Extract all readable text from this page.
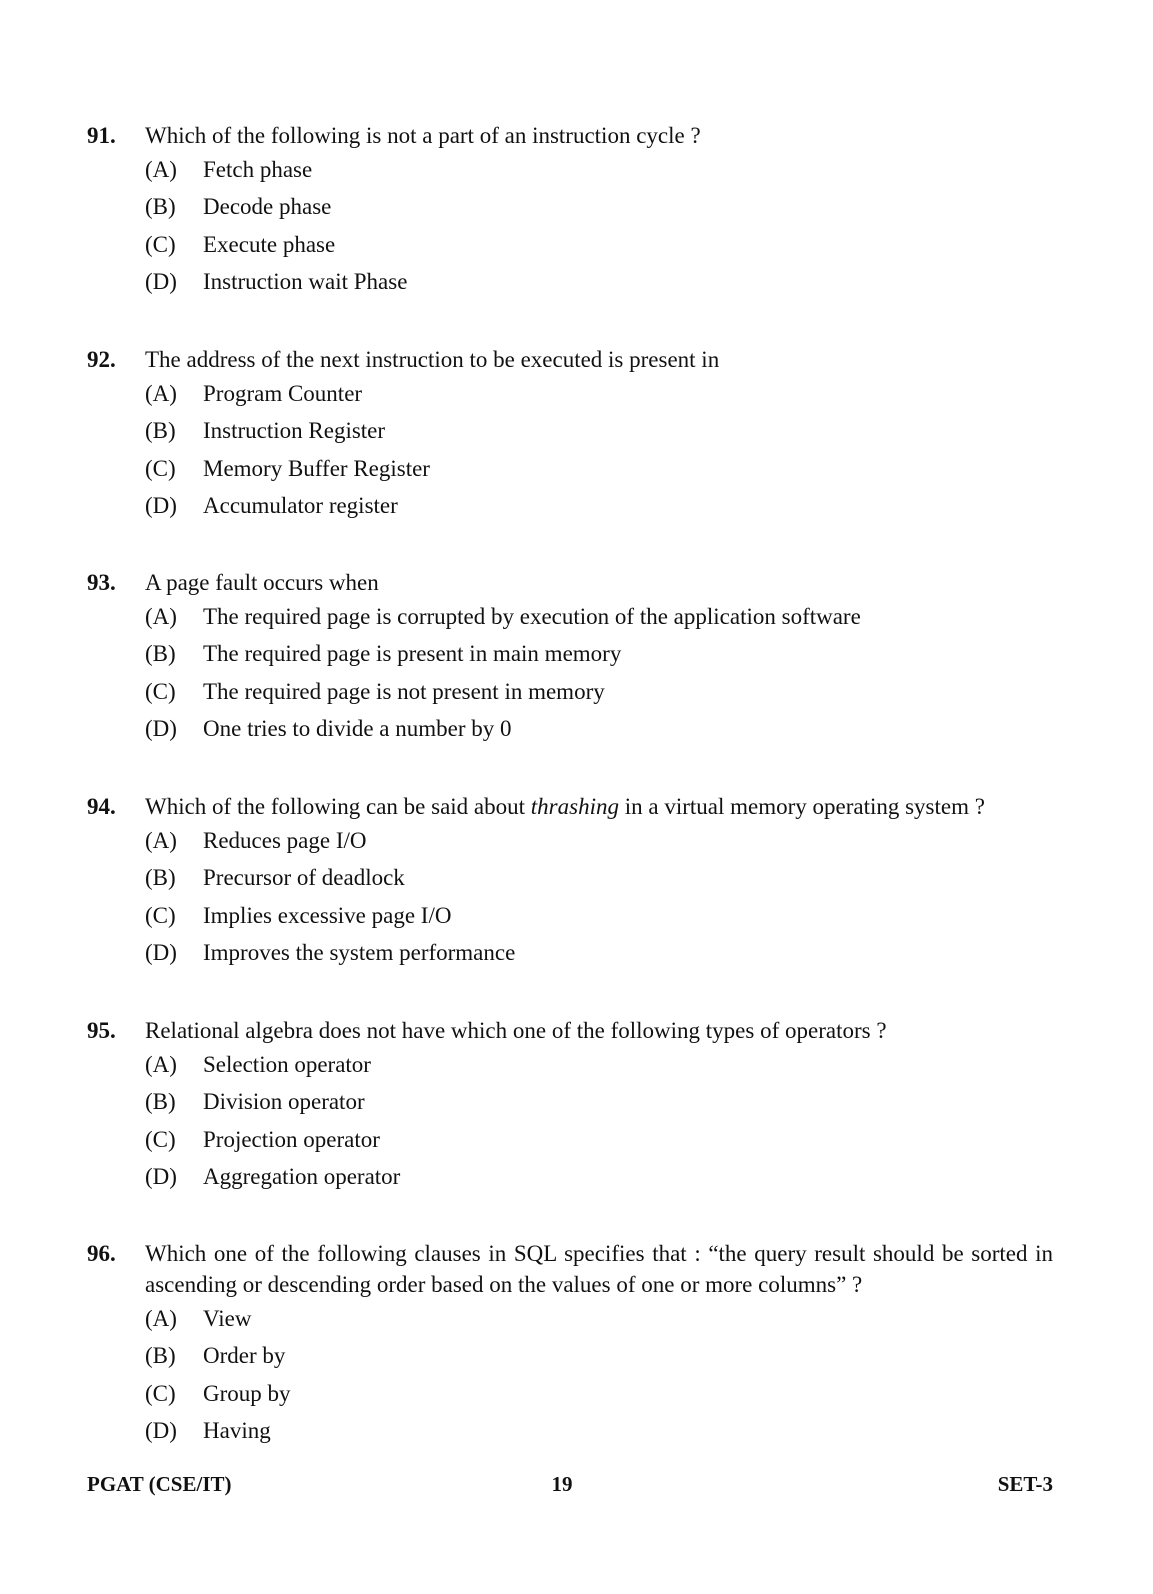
91.	Which of the following is not a part of an instruction cycle ?
(A)	Fetch phase
(B)	Decode phase
(C)	Execute phase
(D)	Instruction wait Phase
92.	The address of the next instruction to be executed is present in
(A)	Program Counter
(B)	Instruction Register
(C)	Memory Buffer Register
(D)	Accumulator register
93.	A page fault occurs when
(A)	The required page is corrupted by execution of the application software
(B)	The required page is present in main memory
(C)	The required page is not present in memory
(D)	One tries to divide a number by 0
94.	Which of the following can be said about thrashing in a virtual memory operating system ?
(A)	Reduces page I/O
(B)	Precursor of deadlock
(C)	Implies excessive page I/O
(D)	Improves the system performance
95.	Relational algebra does not have which one of the following types of operators ?
(A)	Selection operator
(B)	Division operator
(C)	Projection operator
(D)	Aggregation operator
96.	Which one of the following clauses in SQL specifies that : “the query result should be sorted in ascending or descending order based on the values of one or more columns” ?
(A)	View
(B)	Order by
(C)	Group by
(D)	Having
PGAT (CSE/IT)	19	SET-3
